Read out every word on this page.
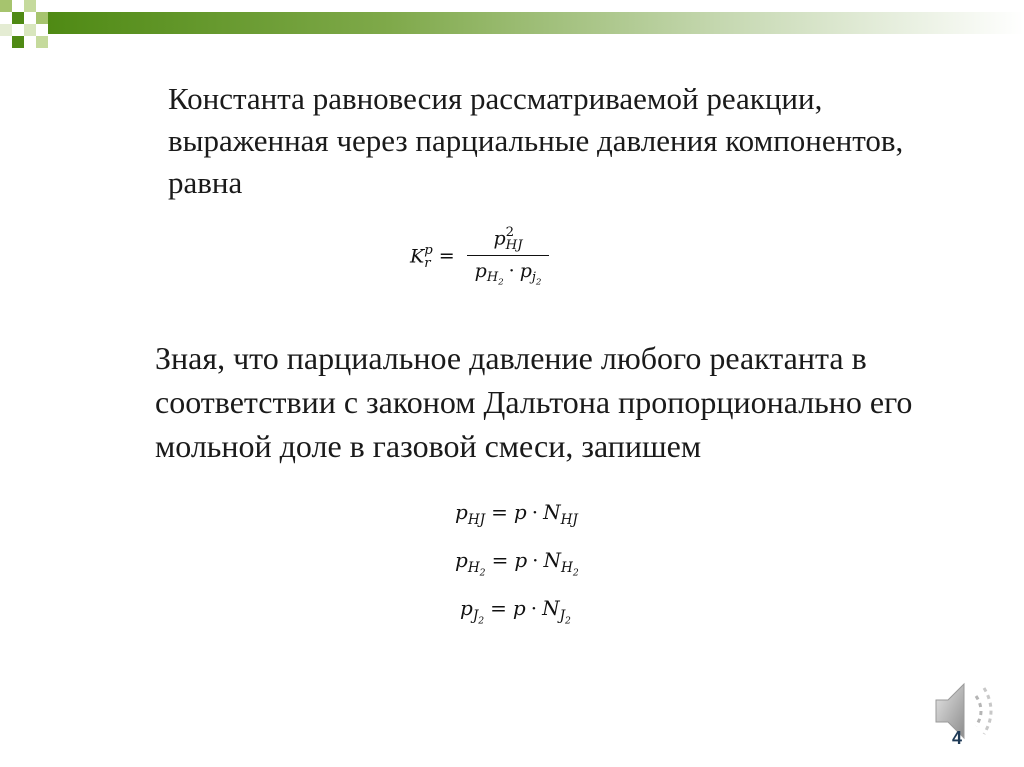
Константа равновесия рассматриваемой реакции, выраженная через парциальные давления компонентов, равна

K p
r = p 2
HJ
$p_{H_2}\cdot p_{j_2}$

Зная, что парциальное давление любого реактанта в соответствии с законом Дальтона пропорционально его мольной доле в газовой смеси, запишем

$p_{HJ} = p \cdot N_{HJ}$
$p_{H_2}= p \cdot N_{H_2}$
$p_{J_2}= p \cdot N_{J_2}$
4
